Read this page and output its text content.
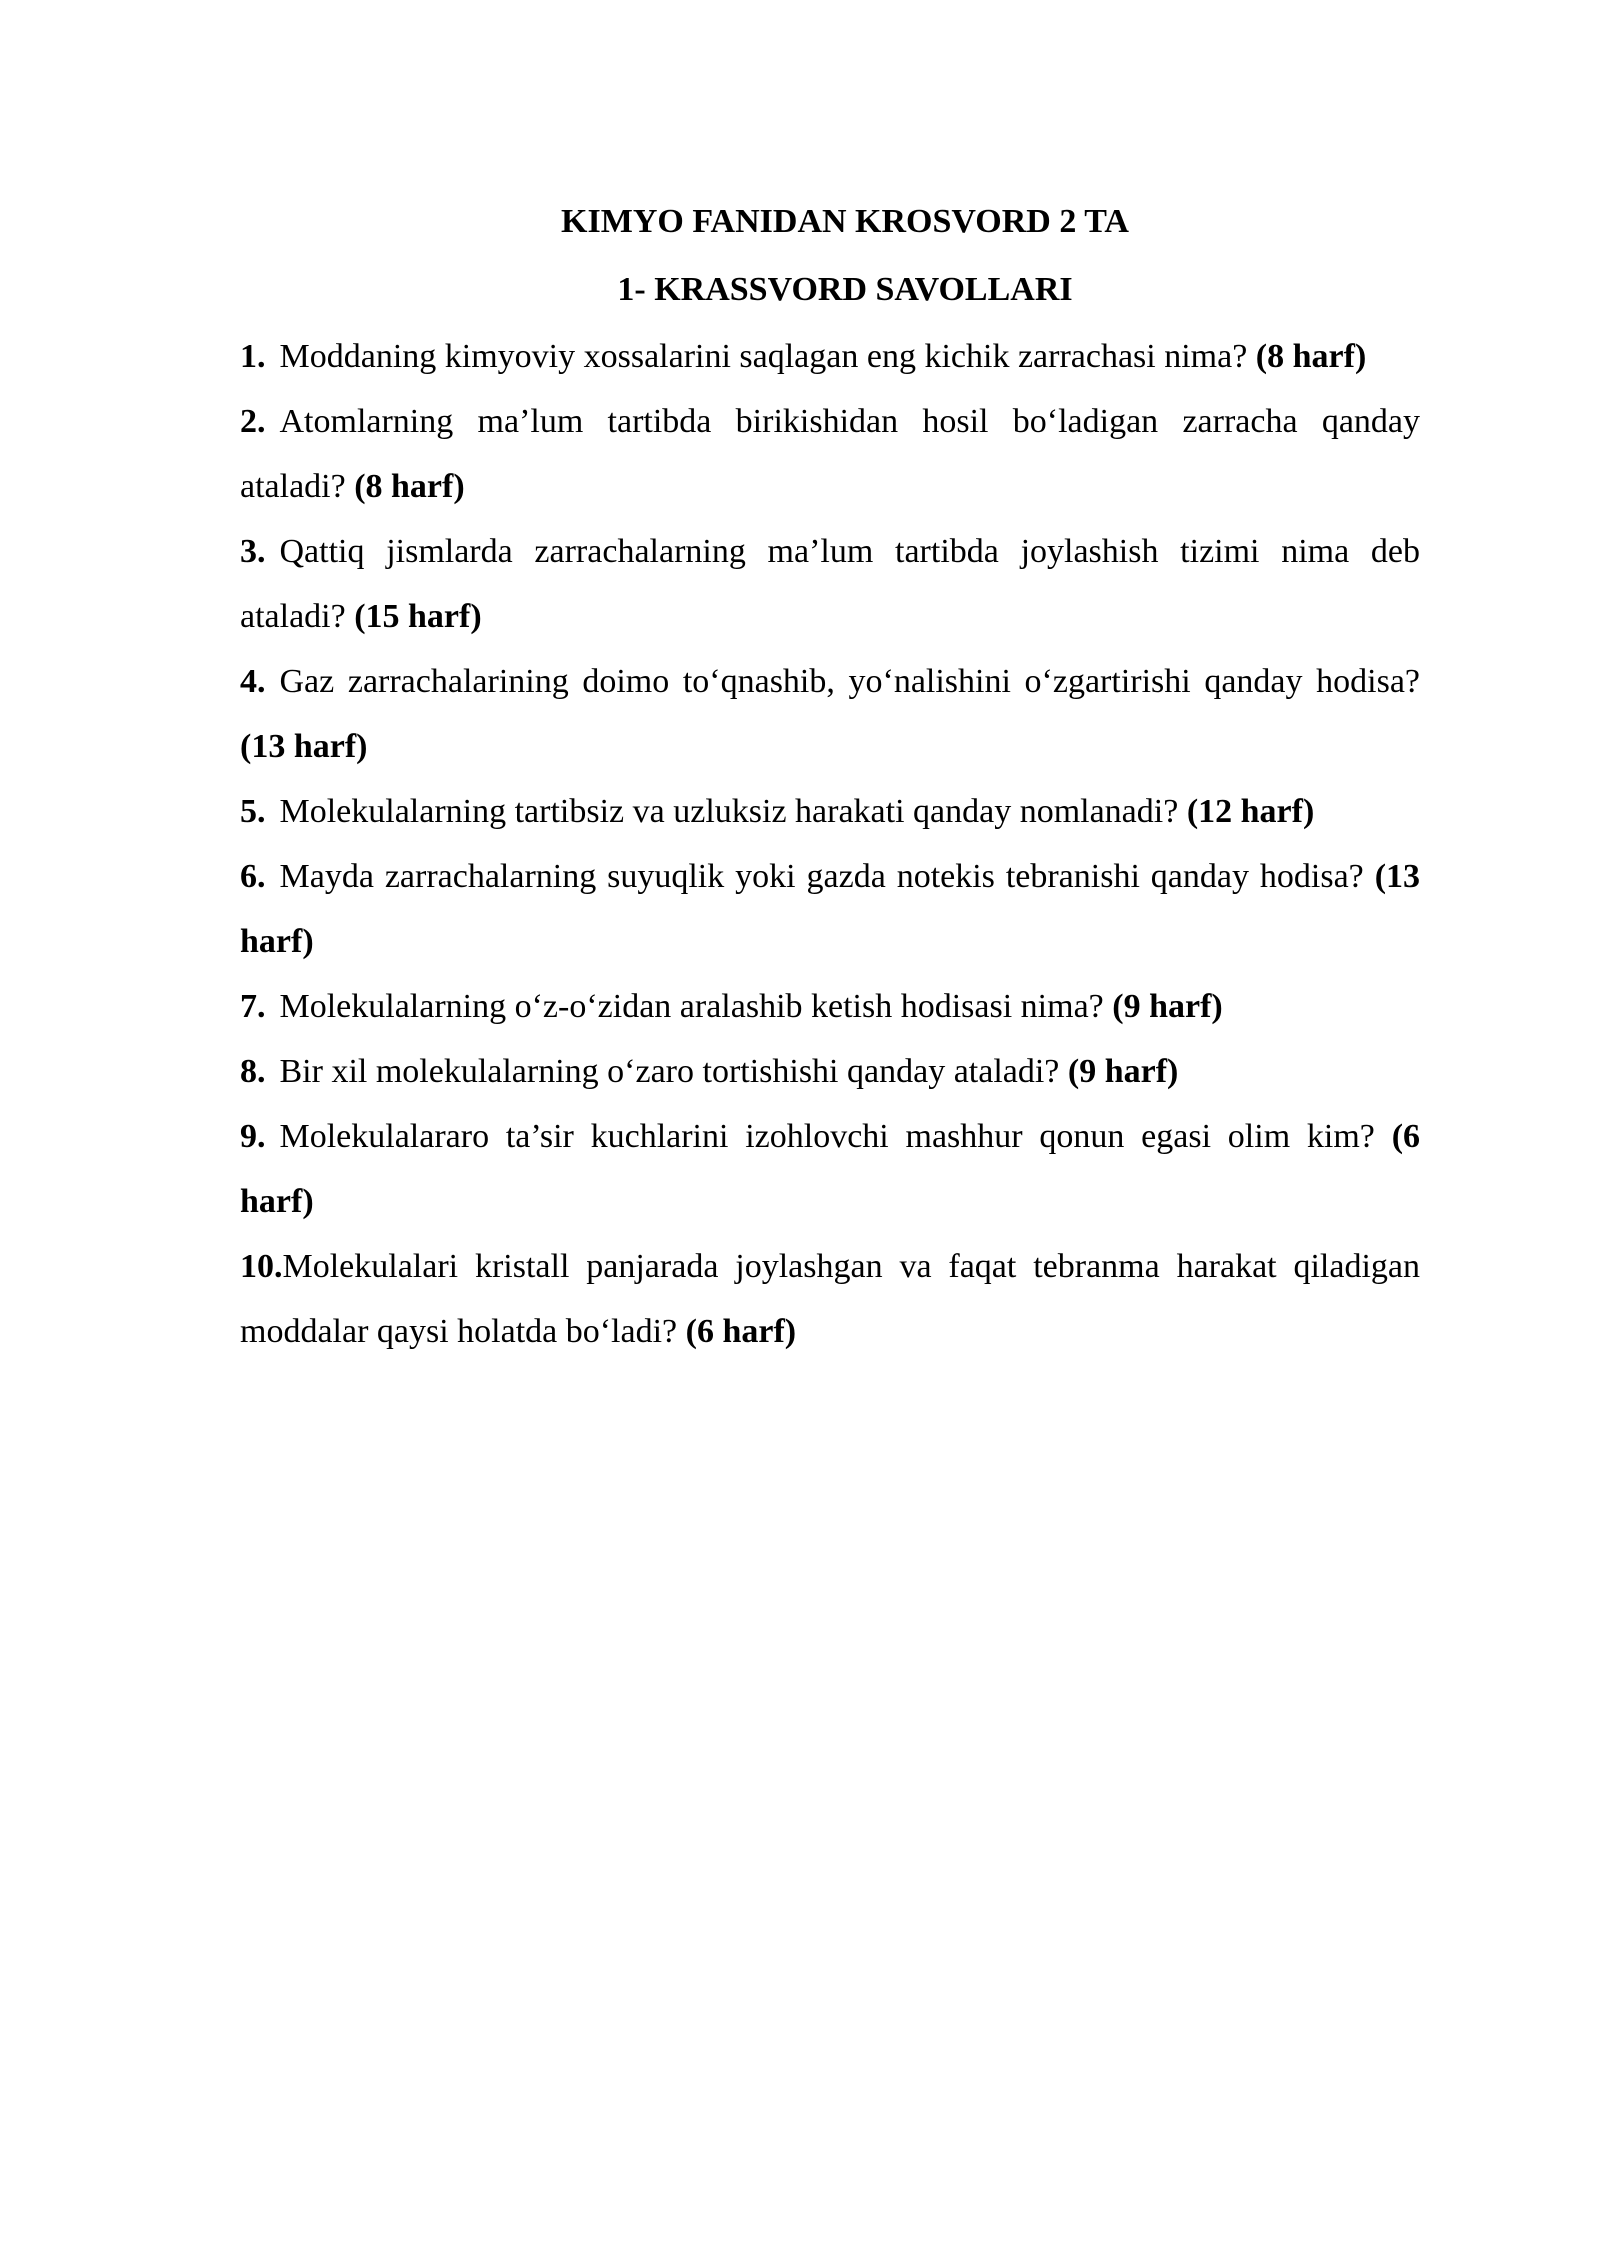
KIMYO FANIDAN KROSVORD 2 TA
1- KRASSVORD SAVOLLARI

1. Moddaning kimyoviy xossalarini saqlagan eng kichik zarrachasi nima? (8 harf)

2. Atomlarning ma’lum tartibda birikishidan hosil bo‘ladigan zarracha qanday ataladi? (8 harf)

3. Qattiq jismlarda zarrachalarning ma’lum tartibda joylashish tizimi nima deb ataladi? (15 harf)

4. Gaz zarrachalarining doimo to‘qnashib, yo‘nalishini o‘zgartirishi qanday hodisa? (13 harf)

5. Molekulalarning tartibsiz va uzluksiz harakati qanday nomlanadi? (12 harf)

6. Mayda zarrachalarning suyuqlik yoki gazda notekis tebranishi qanday hodisa? (13 harf)

7. Molekulalarning o‘z-o‘zidan aralashib ketish hodisasi nima? (9 harf)

8. Bir xil molekulalarning o‘zaro tortishishi qanday ataladi? (9 harf)

9. Molekulalararo ta’sir kuchlarini izohlovchi mashhur qonun egasi olim kim? (6 harf)

10.Molekulalari kristall panjarada joylashgan va faqat tebranma harakat qiladigan moddalar qaysi holatda bo‘ladi? (6 harf)
